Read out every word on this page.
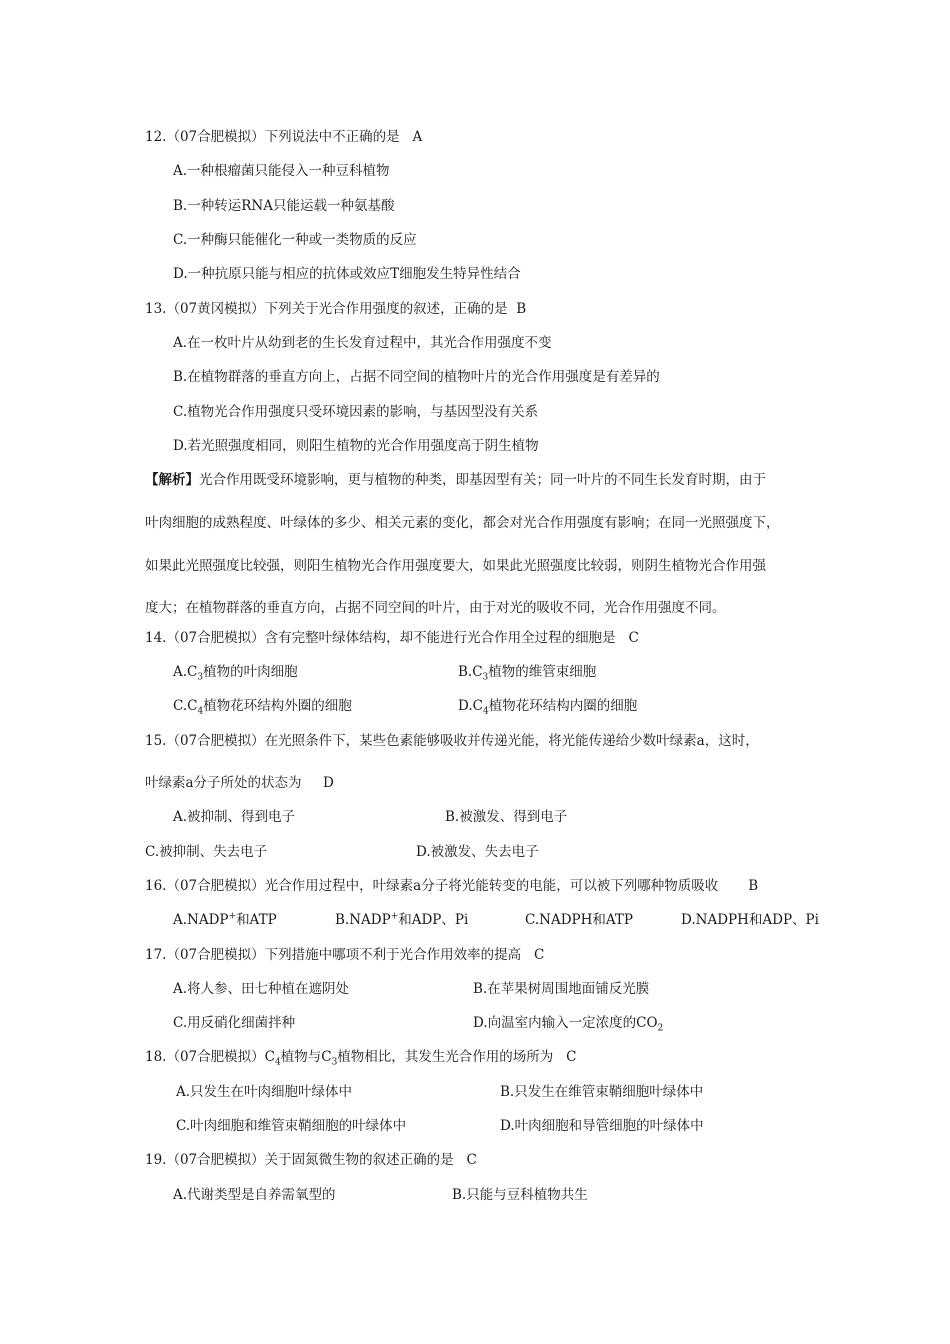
12.（07合肥模拟）下列说法中不正确的是 A
A.一种根瘤菌只能侵入一种豆科植物
B.一种转运RNA只能运载一种氨基酸
C.一种酶只能催化一种或一类物质的反应
D.一种抗原只能与相应的抗体或效应T细胞发生特异性结合
13.（07黄冈模拟）下列关于光合作用强度的叙述，正确的是 B
A.在一枚叶片从幼到老的生长发育过程中，其光合作用强度不变
B.在植物群落的垂直方向上，占据不同空间的植物叶片的光合作用强度是有差异的
C.植物光合作用强度只受环境因素的影响，与基因型没有关系
D.若光照强度相同，则阳生植物的光合作用强度高于阴生植物
【解析】光合作用既受环境影响，更与植物的种类，即基因型有关；同一叶片的不同生长发育时期，由于
叶肉细胞的成熟程度、叶绿体的多少、相关元素的变化，都会对光合作用强度有影响；在同一光照强度下，
如果此光照强度比较强，则阳生植物光合作用强度要大，如果此光照强度比较弱，则阴生植物光合作用强
度大；在植物群落的垂直方向，占据不同空间的叶片，由于对光的吸收不同，光合作用强度不同。
14.（07合肥模拟）含有完整叶绿体结构，却不能进行光合作用全过程的细胞是 C
$A.C_3$植物的叶肉细胞	$B.C_3$植物的维管束细胞
$C.C_4$植物花环结构外圈的细胞	$D.C_4$植物花环结构内圈的细胞
15.（07合肥模拟）在光照条件下，某些色素能够吸收并传递光能，将光能传递给少数叶绿素a，这时，
叶绿素a分子所处的状态为 D
A.被抑制、得到电子	B.被激发、得到电子
C.被抑制、失去电子	D.被激发、失去电子
16.（07合肥模拟）光合作用过程中，叶绿素a分子将光能转变的电能，可以被下列哪种物质吸收 B
A.NADP+和ATP	B.NADP+和ADP、Pi	C.NADPH和ATP	D.NADPH和ADP、Pi
17.（07合肥模拟）下列措施中哪项不利于光合作用效率的提高 C
A.将人参、田七种植在遮阴处	B.在苹果树周围地面铺反光膜
C.用反硝化细菌拌种	D.向温室内输入一定浓度的$CO_2$
18.（07合肥模拟）$C_4$植物与$C_3$植物相比，其发生光合作用的场所为 C
A.只发生在叶肉细胞叶绿体中	B.只发生在维管束鞘细胞叶绿体中
C.叶肉细胞和维管束鞘细胞的叶绿体中	D.叶肉细胞和导管细胞的叶绿体中
19.（07合肥模拟）关于固氮微生物的叙述正确的是 C
A.代谢类型是自养需氧型的	B.只能与豆科植物共生
